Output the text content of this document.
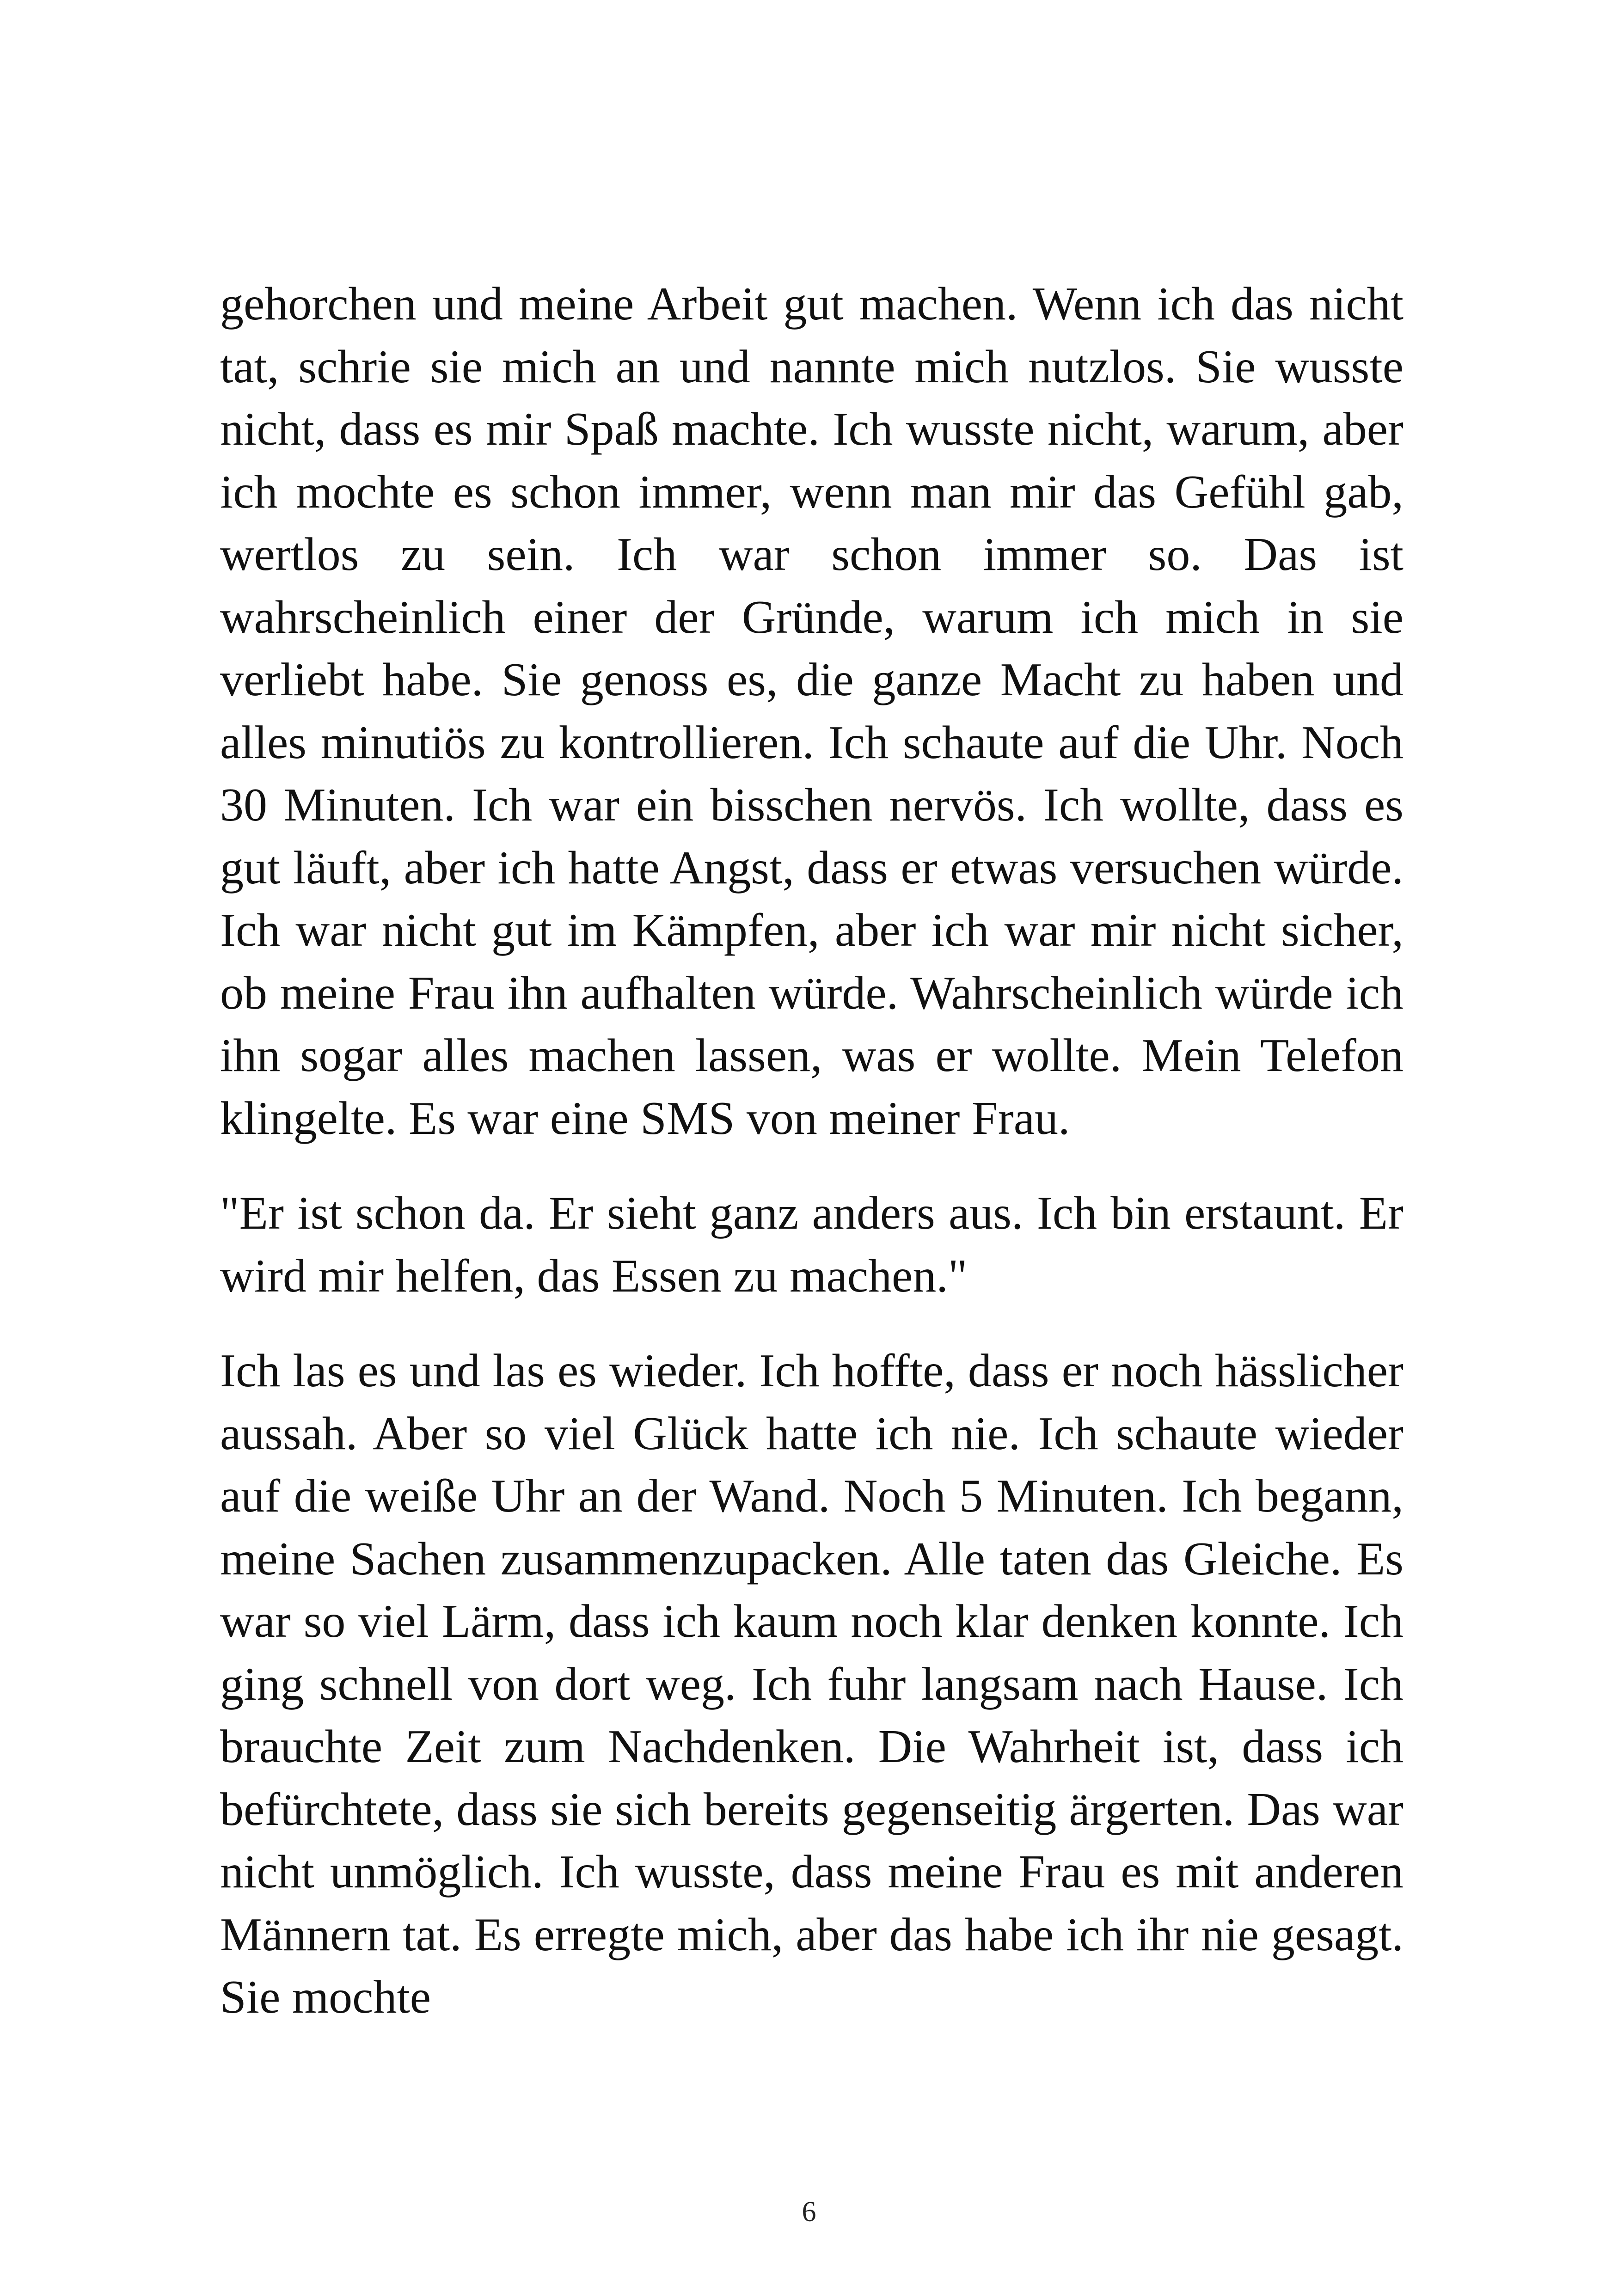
gehorchen und meine Arbeit gut machen. Wenn ich das nicht tat, schrie sie mich an und nannte mich nutzlos. Sie wusste nicht, dass es mir Spaß machte. Ich wusste nicht, warum, aber ich mochte es schon immer, wenn man mir das Gefühl gab, wertlos zu sein. Ich war schon immer so. Das ist wahrscheinlich einer der Gründe, warum ich mich in sie verliebt habe. Sie genoss es, die ganze Macht zu haben und alles minutiös zu kontrollieren. Ich schaute auf die Uhr. Noch 30 Minuten. Ich war ein bisschen nervös. Ich wollte, dass es gut läuft, aber ich hatte Angst, dass er etwas versuchen würde. Ich war nicht gut im Kämpfen, aber ich war mir nicht sicher, ob meine Frau ihn aufhalten würde. Wahrscheinlich würde ich ihn sogar alles machen lassen, was er wollte. Mein Telefon klingelte. Es war eine SMS von meiner Frau.

"Er ist schon da. Er sieht ganz anders aus. Ich bin erstaunt. Er wird mir helfen, das Essen zu machen."

Ich las es und las es wieder. Ich hoffte, dass er noch hässlicher aussah. Aber so viel Glück hatte ich nie. Ich schaute wieder auf die weiße Uhr an der Wand. Noch 5 Minuten. Ich begann, meine Sachen zusammenzupacken. Alle taten das Gleiche. Es war so viel Lärm, dass ich kaum noch klar denken konnte. Ich ging schnell von dort weg. Ich fuhr langsam nach Hause. Ich brauchte Zeit zum Nachdenken. Die Wahrheit ist, dass ich befürchtete, dass sie sich bereits gegenseitig ärgerten. Das war nicht unmöglich. Ich wusste, dass meine Frau es mit anderen Männern tat. Es erregte mich, aber das habe ich ihr nie gesagt. Sie mochte

6
